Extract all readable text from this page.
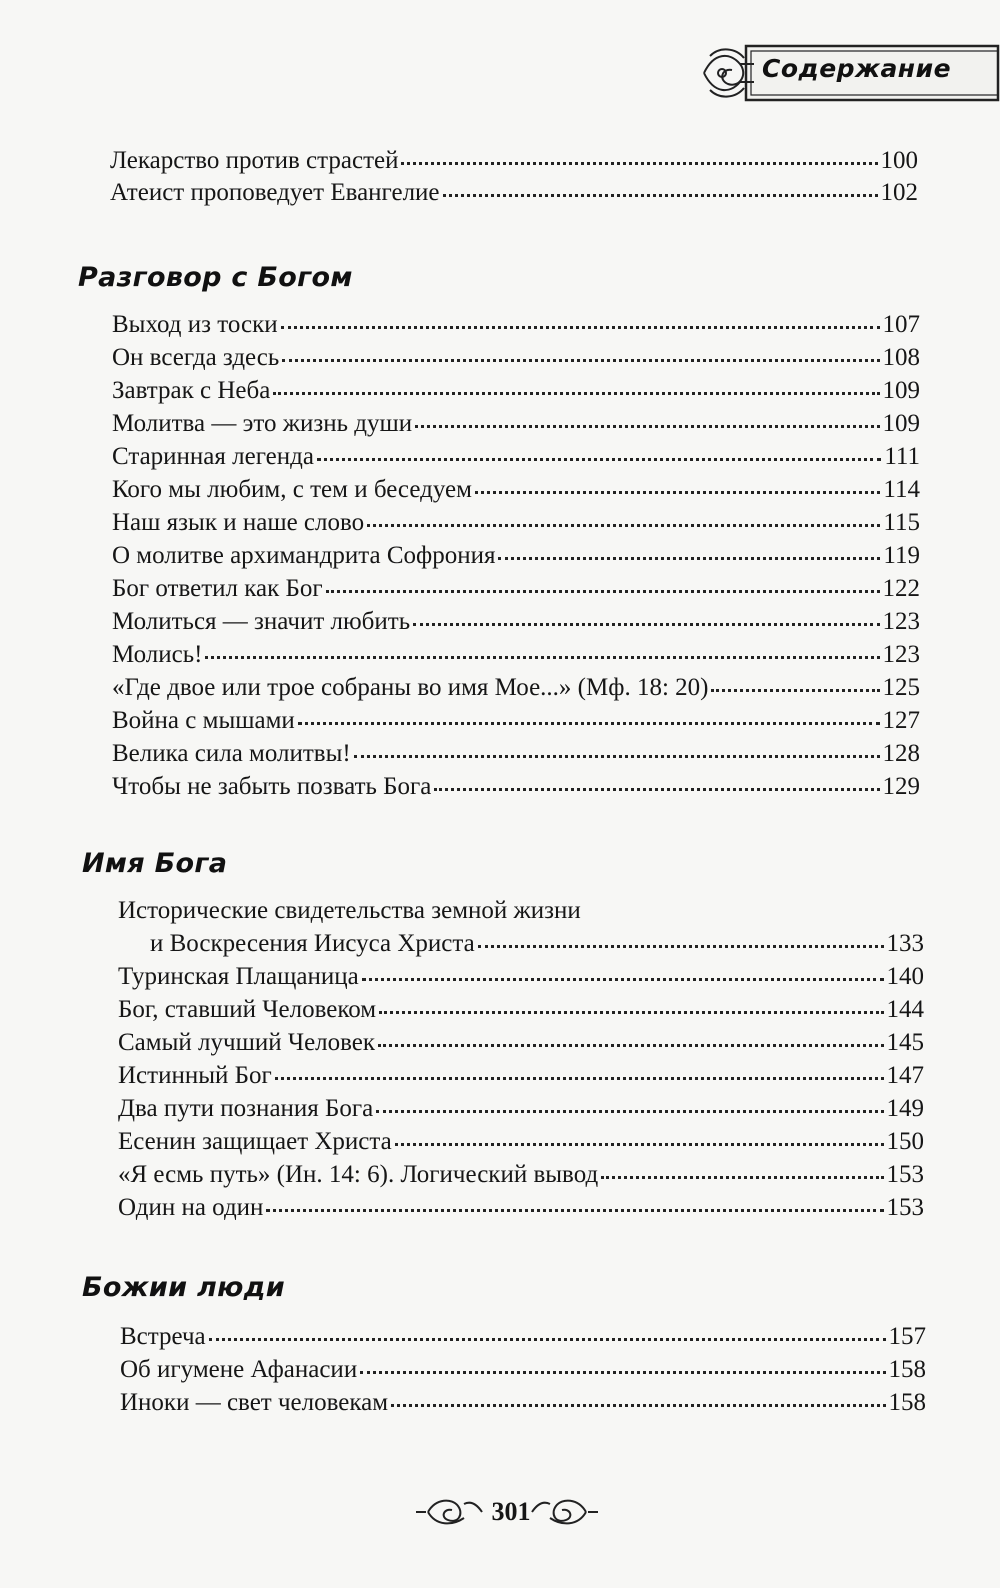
Содержание
Лекарство против страстей	100
Атеист проповедует Евангелие	102
Разговор с Богом
Выход из тоски	107
Он всегда здесь	108
Завтрак с Неба	109
Молитва — это жизнь души	109
Старинная легенда	111
Кого мы любим, с тем и беседуем	114
Наш язык и наше слово	115
О молитве архимандрита Софрония	119
Бог ответил как Бог	122
Молиться — значит любить	123
Молись!	123
«Где двое или трое собраны во имя Мое...» (Мф. 18: 20)	125
Война с мышами	127
Велика сила молитвы!	128
Чтобы не забыть позвать Бога	129
Имя Бога
Исторические свидетельства земной жизни
и Воскресения Иисуса Христа	133
Туринская Плащаница	140
Бог, ставший Человеком	144
Самый лучший Человек	145
Истинный Бог	147
Два пути познания Бога	149
Есенин защищает Христа	150
«Я есмь путь» (Ин. 14: 6). Логический вывод	153
Один на один	153
Божии люди
Встреча	157
Об игумене Афанасии	158
Иноки — свет человекам	158
301
